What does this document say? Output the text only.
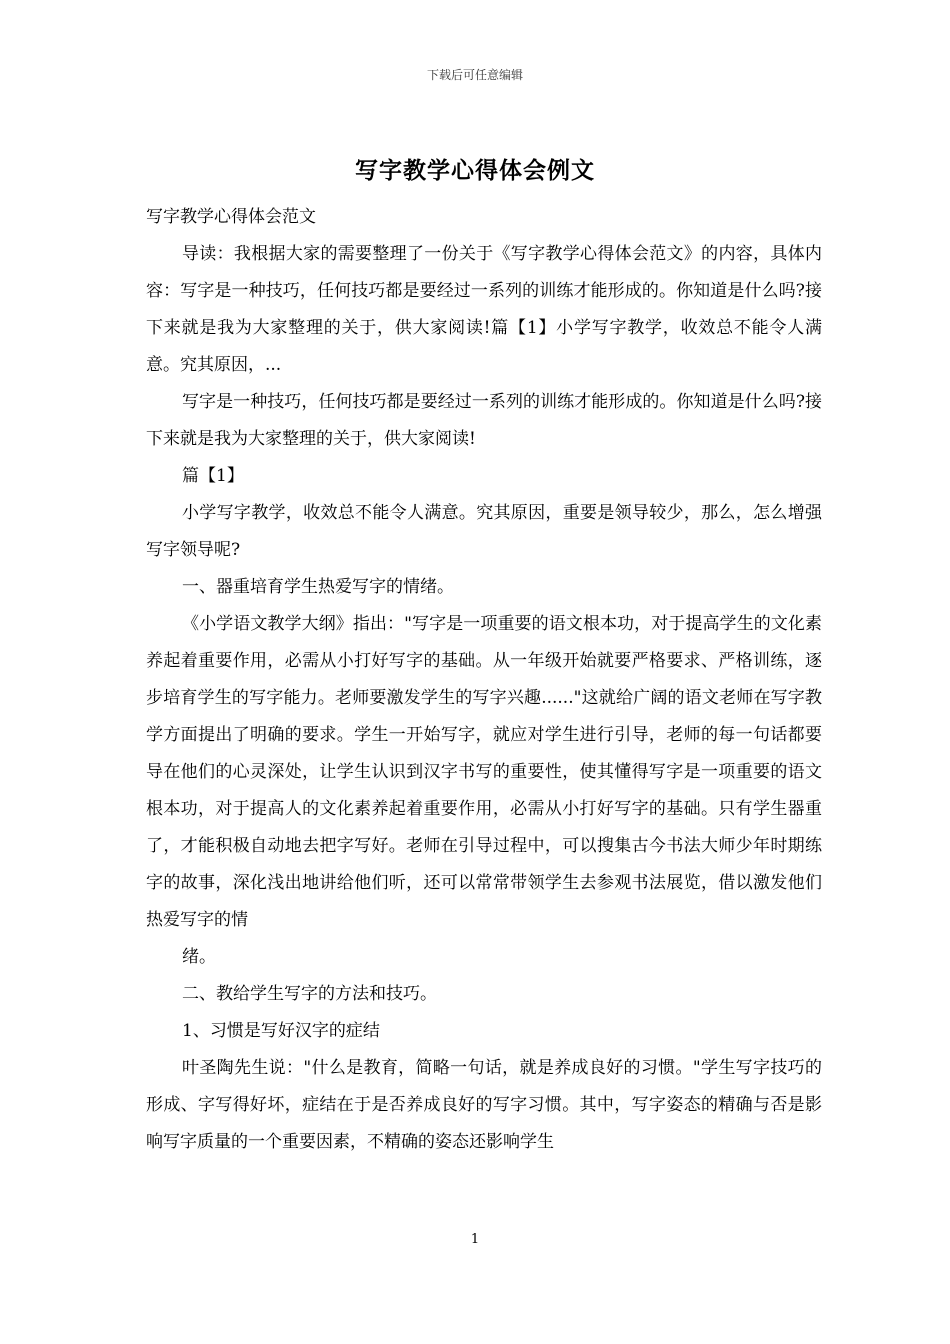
下载后可任意编辑
写字教学心得体会例文

写字教学心得体会范文

导读：我根据大家的需要整理了一份关于《写字教学心得体会范文》的内容，具体内容：写字是一种技巧，任何技巧都是要经过一系列的训练才能形成的。你知道是什么吗?接下来就是我为大家整理的关于，供大家阅读!篇【1】小学写字教学，收效总不能令人满意。究其原因，...

写字是一种技巧，任何技巧都是要经过一系列的训练才能形成的。你知道是什么吗?接下来就是我为大家整理的关于，供大家阅读!

篇【1】

小学写字教学，收效总不能令人满意。究其原因，重要是领导较少，那么，怎么增强写字领导呢?

一、器重培育学生热爱写字的情绪。

《小学语文教学大纲》指出："写字是一项重要的语文根本功，对于提高学生的文化素养起着重要作用，必需从小打好写字的基础。从一年级开始就要严格要求、严格训练，逐步培育学生的写字能力。老师要激发学生的写字兴趣......"这就给广阔的语文老师在写字教学方面提出了明确的要求。学生一开始写字，就应对学生进行引导，老师的每一句话都要导在他们的心灵深处，让学生认识到汉字书写的重要性，使其懂得写字是一项重要的语文根本功，对于提高人的文化素养起着重要作用，必需从小打好写字的基础。只有学生器重了，才能积极自动地去把字写好。老师在引导过程中，可以搜集古今书法大师少年时期练字的故事，深化浅出地讲给他们听，还可以常常带领学生去参观书法展览，借以激发他们热爱写字的情

绪。

二、教给学生写字的方法和技巧。

1、习惯是写好汉字的症结

叶圣陶先生说："什么是教育，简略一句话，就是养成良好的习惯。"学生写字技巧的形成、字写得好坏，症结在于是否养成良好的写字习惯。其中，写字姿态的精确与否是影响写字质量的一个重要因素，不精确的姿态还影响学生

1
